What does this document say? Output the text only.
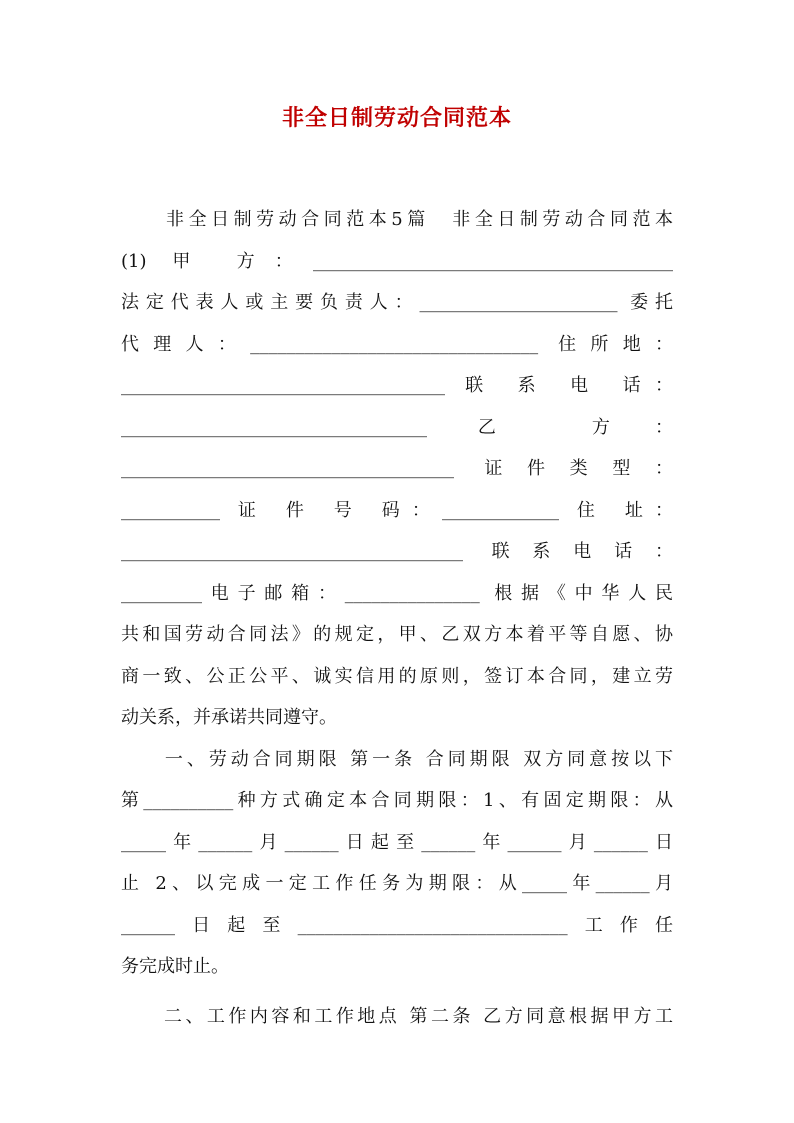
非全日制劳动合同范本
　　非全日制劳动合同范本5篇　非全日制劳动合同范本
(1) 甲 方：________________________________________
法定代表人或主要负责人：______________________ 委托
代理人：________________________________ 住所地：
____________________________________ 联 系 电 话：
__________________________________ 乙 方：
_____________________________________ 证件类型：
___________ 证 件 号 码：_____________ 住 址：
______________________________________ 联系电话：
_________电子邮箱：_______________ 根据《中华人民
共和国劳动合同法》的规定，甲、乙双方本着平等自愿、协
商一致、公正公平、诚实信用的原则，签订本合同，建立劳
动关系，并承诺共同遵守。
　　一、劳动合同期限 第一条 合同期限 双方同意按以下
第__________种方式确定本合同期限：1、有固定期限：从
_____年______月______日起至______年______月______日
止 2、以完成一定工作任务为期限：从_____年______月
______日起至______________________________工作任
务完成时止。
　　二、工作内容和工作地点 第二条 乙方同意根据甲方工
